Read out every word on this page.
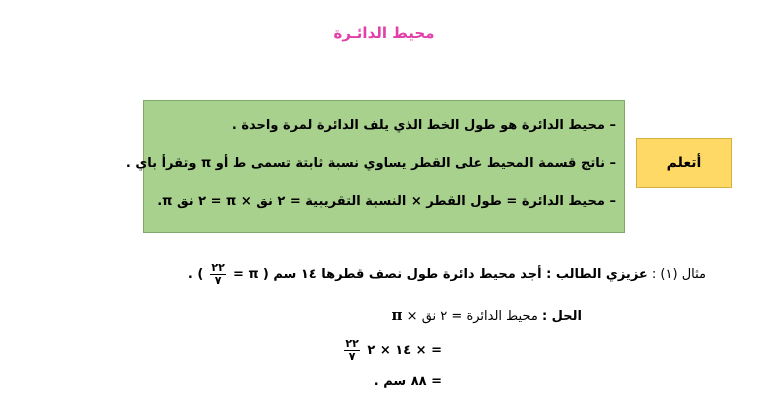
محيط الدائـرة
أتعلم
– محيط الدائرة هو طول الخط الذي يلف الدائرة لمرة واحدة .
– ناتج قسمة المحيط على القطر يساوي نسبة ثابتة تسمى ط أو π وتقرأ باي .
– محيط الدائرة = طول القطر × النسبة التقريبية = ٢ نق × π = ٢ نق π.
مثال (١) : عزيزي الطالب : أجد محيط دائرة طول نصف قطرها ١٤ سم ( π =
$\frac{٢٢}{٧}$
) .
الحل : محيط الدائرة = ٢ نق × π
= × ١٤ × ٢
$\frac{٢٢}{٧}$
= ٨٨ سم .
